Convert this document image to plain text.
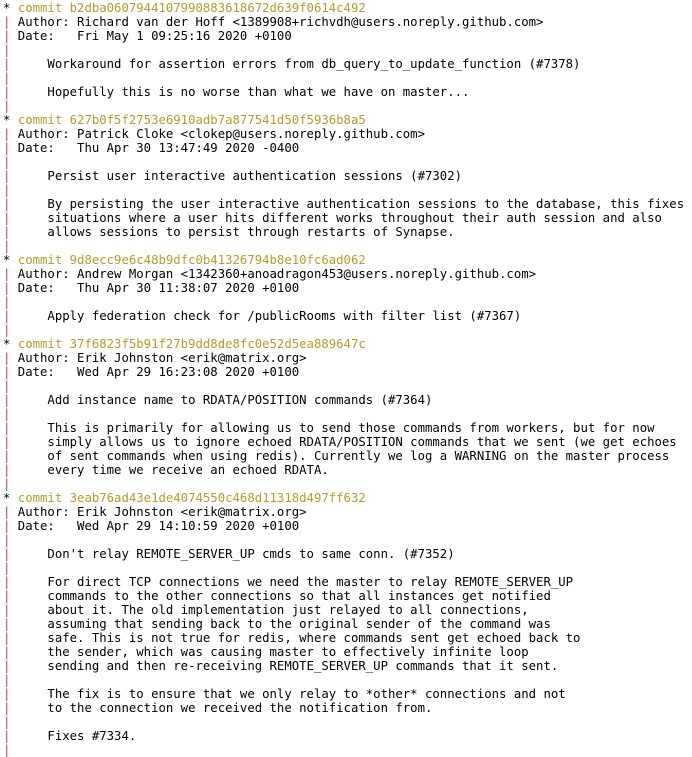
* commit b2dba0607944107990883618672d639f0614c492
| Author: Richard van der Hoff <1389908+richvdh@users.noreply.github.com>
| Date:   Fri May 1 09:25:16 2020 +0100
|
|     Workaround for assertion errors from db_query_to_update_function (#7378)
|
|     Hopefully this is no worse than what we have on master...
|
* commit 627b0f5f2753e6910adb7a877541d50f5936b8a5
| Author: Patrick Cloke <clokep@users.noreply.github.com>
| Date:   Thu Apr 30 13:47:49 2020 -0400
|
|     Persist user interactive authentication sessions (#7302)
|
|     By persisting the user interactive authentication sessions to the database, this fixes
|     situations where a user hits different works throughout their auth session and also
|     allows sessions to persist through restarts of Synapse.
|
* commit 9d8ecc9e6c48b9dfc0b41326794b8e10fc6ad062
| Author: Andrew Morgan <1342360+anoadragon453@users.noreply.github.com>
| Date:   Thu Apr 30 11:38:07 2020 +0100
|
|     Apply federation check for /publicRooms with filter list (#7367)
|
* commit 37f6823f5b91f27b9dd8de8fc0e52d5ea889647c
| Author: Erik Johnston <erik@matrix.org>
| Date:   Wed Apr 29 16:23:08 2020 +0100
|
|     Add instance name to RDATA/POSITION commands (#7364)
|
|     This is primarily for allowing us to send those commands from workers, but for now
|     simply allows us to ignore echoed RDATA/POSITION commands that we sent (we get echoes
|     of sent commands when using redis). Currently we log a WARNING on the master process
|     every time we receive an echoed RDATA.
|
* commit 3eab76ad43e1de4074550c468d11318d497ff632
| Author: Erik Johnston <erik@matrix.org>
| Date:   Wed Apr 29 14:10:59 2020 +0100
|
|     Don't relay REMOTE_SERVER_UP cmds to same conn. (#7352)
|
|     For direct TCP connections we need the master to relay REMOTE_SERVER_UP
|     commands to the other connections so that all instances get notified
|     about it. The old implementation just relayed to all connections,
|     assuming that sending back to the original sender of the command was
|     safe. This is not true for redis, where commands sent get echoed back to
|     the sender, which was causing master to effectively infinite loop
|     sending and then re-receiving REMOTE_SERVER_UP commands that it sent.
|
|     The fix is to ensure that we only relay to *other* connections and not
|     to the connection we received the notification from.
|
|     Fixes #7334.
|
